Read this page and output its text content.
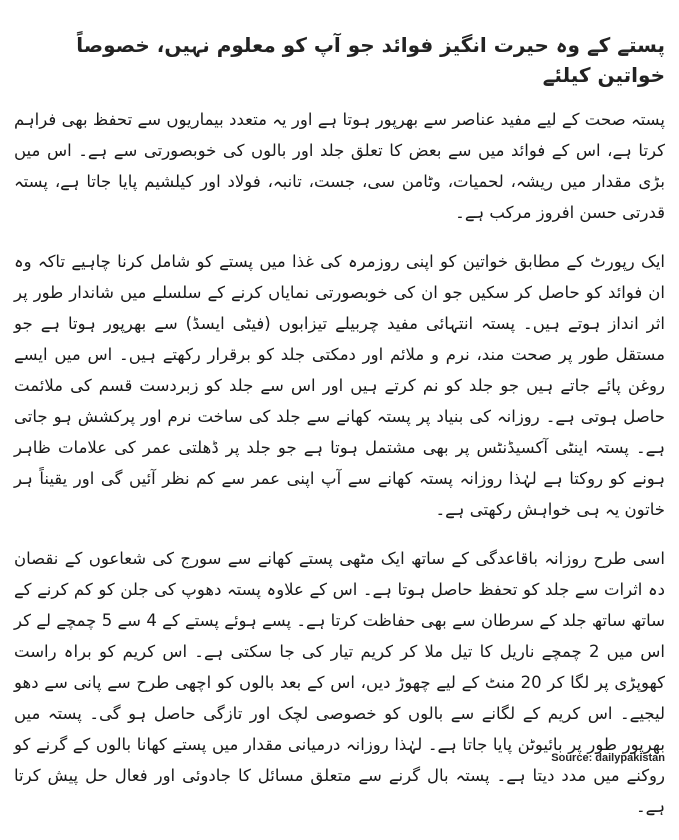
پستے کے وہ حیرت انگیز فوائد جو آپ کو معلوم نہیں، خصوصاً خواتین کیلئے

پستہ صحت کے لیے مفید عناصر سے بھرپور ہوتا ہے اور یہ متعدد بیماریوں سے تحفظ بھی فراہم کرتا ہے، اس کے فوائد میں سے بعض کا تعلق جلد اور بالوں کی خوبصورتی سے ہے۔ اس میں بڑی مقدار میں ریشہ، لحمیات، وٹامن سی، جست، تانبہ، فولاد اور کیلشیم پایا جاتا ہے، پستہ قدرتی حسن افروز مرکب ہے۔

ایک رپورٹ کے مطابق خواتین کو اپنی روزمرہ کی غذا میں پستے کو شامل کرنا چاہیے تاکہ وہ ان فوائد کو حاصل کر سکیں جو ان کی خوبصورتی نمایاں کرنے کے سلسلے میں شاندار طور پر اثر انداز ہوتے ہیں۔ پستہ انتہائی مفید چربیلے تیزابوں (فیٹی ایسڈ) سے بھرپور ہوتا ہے جو مستقل طور پر صحت مند، نرم و ملائم اور دمکتی جلد کو برقرار رکھتے ہیں۔ اس میں ایسے روغن پائے جاتے ہیں جو جلد کو نم کرتے ہیں اور اس سے جلد کو زبردست قسم کی ملائمت حاصل ہوتی ہے۔ روزانہ کی بنیاد پر پستہ کھانے سے جلد کی ساخت نرم اور پرکشش ہو جاتی ہے۔ پستہ اینٹی آکسیڈنٹس پر بھی مشتمل ہوتا ہے جو جلد پر ڈھلتی عمر کی علامات ظاہر ہونے کو روکتا ہے لہٰذا روزانہ پستہ کھانے سے آپ اپنی عمر سے کم نظر آئیں گی اور یقیناً ہر خاتون یہ ہی خواہش رکھتی ہے۔

اسی طرح روزانہ باقاعدگی کے ساتھ ایک مٹھی پستے کھانے سے سورج کی شعاعوں کے نقصان دہ اثرات سے جلد کو تحفظ حاصل ہوتا ہے۔ اس کے علاوہ پستہ دھوپ کی جلن کو کم کرنے کے ساتھ ساتھ جلد کے سرطان سے بھی حفاظت کرتا ہے۔ پسے ہوئے پستے کے 4 سے 5 چمچے لے کر اس میں 2 چمچے ناریل کا تیل ملا کر کریم تیار کی جا سکتی ہے۔ اس کریم کو براہ راست کھوپڑی پر لگا کر 20 منٹ کے لیے چھوڑ دیں، اس کے بعد بالوں کو اچھی طرح سے پانی سے دھو لیجیے۔ اس کریم کے لگانے سے بالوں کو خصوصی لچک اور تازگی حاصل ہو گی۔ پستہ میں بھرپور طور پر بائیوٹن پایا جاتا ہے۔ لہٰذا روزانہ درمیانی مقدار میں پستے کھانا بالوں کے گرنے کو روکنے میں مدد دیتا ہے۔ پستہ بال گرنے سے متعلق مسائل کا جادوئی اور فعال حل پیش کرتا ہے۔

Source: dailypakistan
